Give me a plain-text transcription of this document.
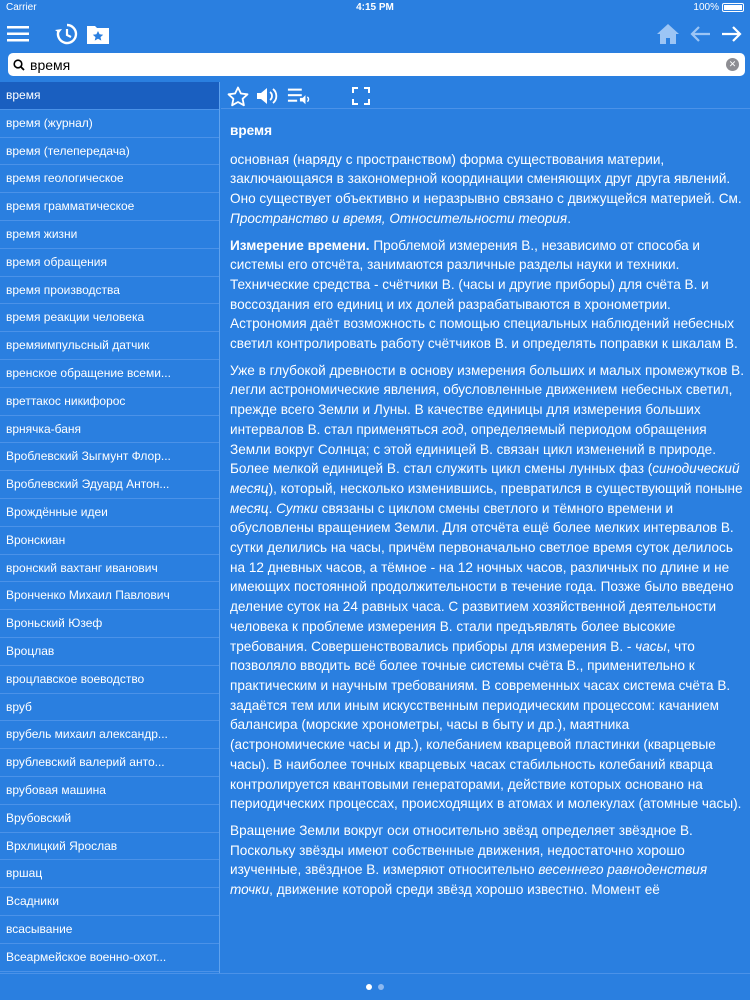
Carrier	4:15 PM	100%
время
✕
время
время (журнал)
время (телепередача)
время геологическое
время грамматическое
время жизни
время обращения
время производства
время реакции человека
времяимпульсный датчик
вренское обращение всеми...
вреттакос никифорос
врнячка-баня
Вроблевский Зыгмунт Флор...
Вроблевский Эдуард Антон...
Врождённые идеи
Вронскиан
вронский вахтанг иванович
Вронченко Михаил Павлович
Вроньский Юзеф
Вроцлав
вроцлавское воеводство
вруб
врубель михаил александр...
врублевский валерий анто...
врубовая машина
Врубовский
Врхлицкий Ярослав
вршац
Всадники
всасывание
Всеармейское военно-охот...
время

основная (наряду с пространством) форма существования материи, заключающаяся в закономерной координации сменяющих друг друга явлений. Оно существует объективно и неразрывно связано с движущейся материей. См. Пространство и время, Относительности теория.

Измерение времени. Проблемой измерения В., независимо от способа и системы его отсчёта, занимаются различные разделы науки и техники. Технические средства - счётчики В. (часы и другие приборы) для счёта В. и воссоздания его единиц и их долей разрабатываются в хронометрии. Астрономия даёт возможность с помощью специальных наблюдений небесных светил контролировать работу счётчиков В. и определять поправки к шкалам В.

Уже в глубокой древности в основу измерения больших и малых промежутков В. легли астрономические явления, обусловленные движением небесных светил, прежде всего Земли и Луны. В качестве единицы для измерения больших интервалов В. стал применяться год, определяемый периодом обращения Земли вокруг Солнца; с этой единицей В. связан цикл изменений в природе. Более мелкой единицей В. стал служить цикл смены лунных фаз (синодический месяц), который, несколько изменившись, превратился в существующий поныне месяц. Сутки связаны с циклом смены светлого и тёмного времени и обусловлены вращением Земли. Для отсчёта ещё более мелких интервалов В. сутки делились на часы, причём первоначально светлое время суток делилось на 12 дневных часов, а тёмное - на 12 ночных часов, различных по длине и не имеющих постоянной продолжительности в течение года. Позже было введено деление суток на 24 равных часа. С развитием хозяйственной деятельности человека к проблеме измерения В. стали предъявлять более высокие требования. Совершенствовались приборы для измерения В. - часы, что позволяло вводить всё более точные системы счёта В., применительно к практическим и научным требованиям. В современных часах система счёта В. задаётся тем или иным искусственным периодическим процессом: качанием балансира (морские хронометры, часы в быту и др.), маятника (астрономические часы и др.), колебанием кварцевой пластинки (кварцевые часы). В наиболее точных кварцевых часах стабильность колебаний кварца контролируется квантовыми генераторами, действие которых основано на периодических процессах, происходящих в атомах и молекулах (атомные часы).

Вращение Земли вокруг оси относительно звёзд определяет звёздное В. Поскольку звёзды имеют собственные движения, недостаточно хорошо изученные, звёздное В. измеряют относительно весеннего равноденствия точки, движение которой среди звёзд хорошо известно. Момент её
